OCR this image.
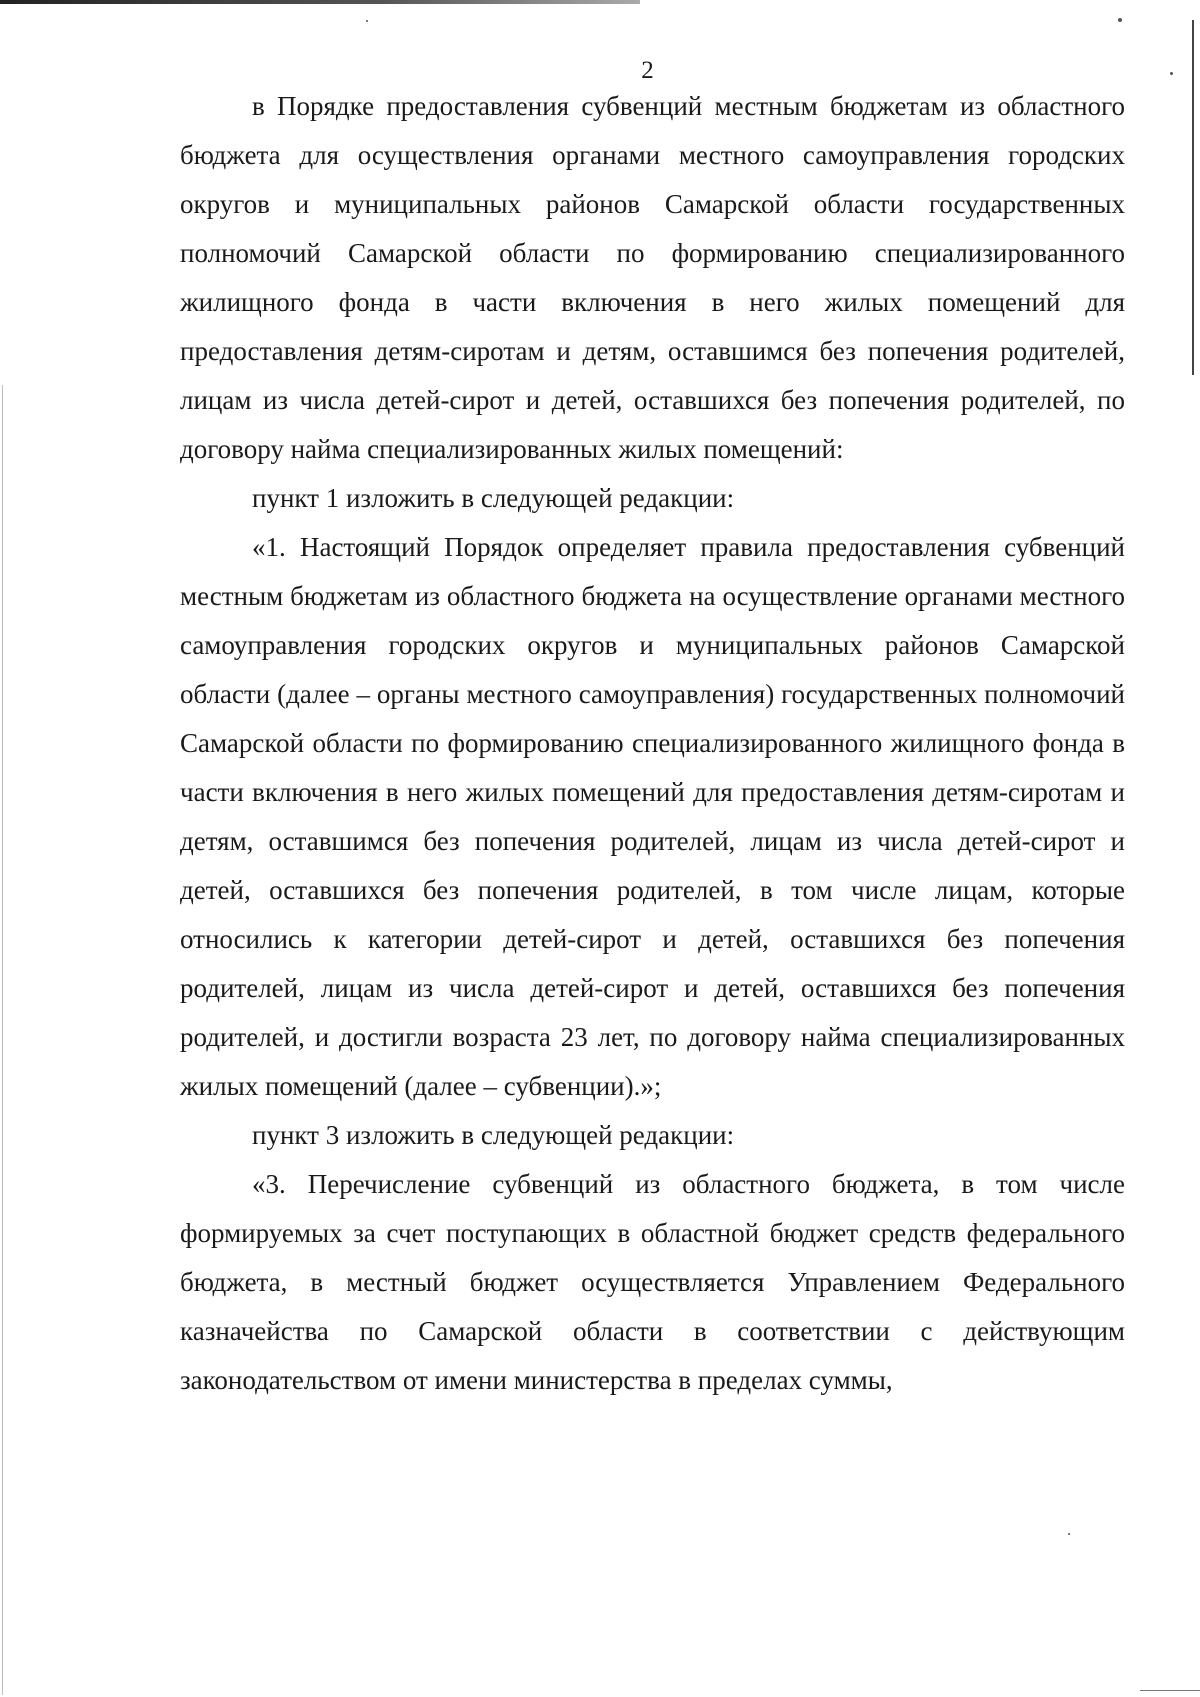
2

в Порядке предоставления субвенций местным бюджетам из областного бюджета для осуществления органами местного самоуправления городских округов и муниципальных районов Самарской области государственных полномочий Самарской области по формированию специализированного жилищного фонда в части включения в него жилых помещений для предоставления детям-сиротам и детям, оставшимся без попечения родителей, лицам из числа детей-сирот и детей, оставшихся без попечения родителей, по договору найма специализированных жилых помещений:

пункт 1 изложить в следующей редакции:

«1. Настоящий Порядок определяет правила предоставления субвенций местным бюджетам из областного бюджета на осуществление органами местного самоуправления городских округов и муниципальных районов Самарской области (далее – органы местного самоуправления) государственных полномочий Самарской области по формированию специализированного жилищного фонда в части включения в него жилых помещений для предоставления детям-сиротам и детям, оставшимся без попечения родителей, лицам из числа детей-сирот и детей, оставшихся без попечения родителей, в том числе лицам, которые относились к категории детей-сирот и детей, оставшихся без попечения родителей, лицам из числа детей-сирот и детей, оставшихся без попечения родителей, и достигли возраста 23 лет, по договору найма специализированных жилых помещений (далее – субвенции).»;

пункт 3 изложить в следующей редакции:

«3. Перечисление субвенций из областного бюджета, в том числе формируемых за счет поступающих в областной бюджет средств федерального бюджета, в местный бюджет осуществляется Управлением Федерального казначейства по Самарской области в соответствии с действующим законодательством от имени министерства в пределах суммы,
